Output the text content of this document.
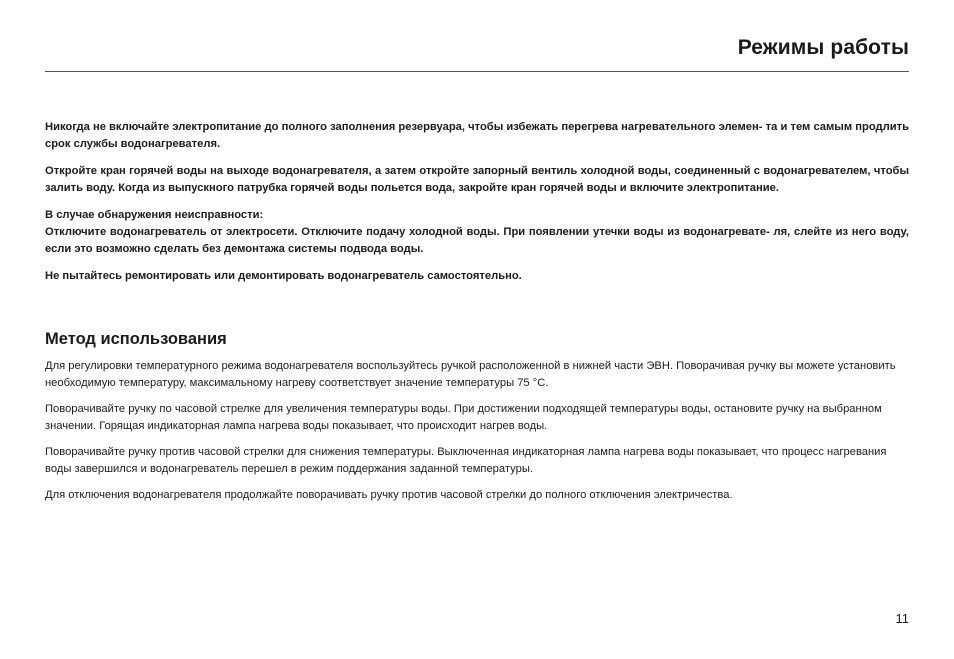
Режимы работы

Никогда не включайте электропитание до полного заполнения резервуара, чтобы избежать перегрева нагревательного элемен- та и тем самым продлить срок службы водонагревателя.

Откройте кран горячей воды на выходе водонагревателя, а затем откройте запорный вентиль холодной воды, соединенный с водонагревателем, чтобы залить воду. Когда из выпускного патрубка горячей воды польется вода, закройте кран горячей воды и включите электропитание.

В случае обнаружения неисправности:

Отключите водонагреватель от электросети. Отключите подачу холодной воды. При появлении утечки воды из водонагревате- ля, слейте из него воду, если это возможно сделать без демонтажа системы подвода воды.

Не пытайтесь ремонтировать или демонтировать водонагреватель самостоятельно.

Метод использования

Для регулировки температурного режима водонагревателя воспользуйтесь ручкой расположенной в нижней части ЭВН. Поворачивая ручку вы можете установить необходимую температуру, максимальному нагреву соответствует значение температуры 75 °С.

Поворачивайте ручку по часовой стрелке для увеличения температуры воды. При достижении подходящей температуры воды, остановите ручку на выбранном значении. Горящая индикаторная лампа нагрева воды показывает, что происходит нагрев воды.

Поворачивайте ручку против часовой стрелки для снижения температуры. Выключенная индикаторная лампа нагрева воды показывает, что процесс нагревания воды завершился и водонагреватель перешел в режим поддержания заданной температуры.

Для отключения водонагревателя продолжайте поворачивать ручку против часовой стрелки до полного отключения электричества.

11
